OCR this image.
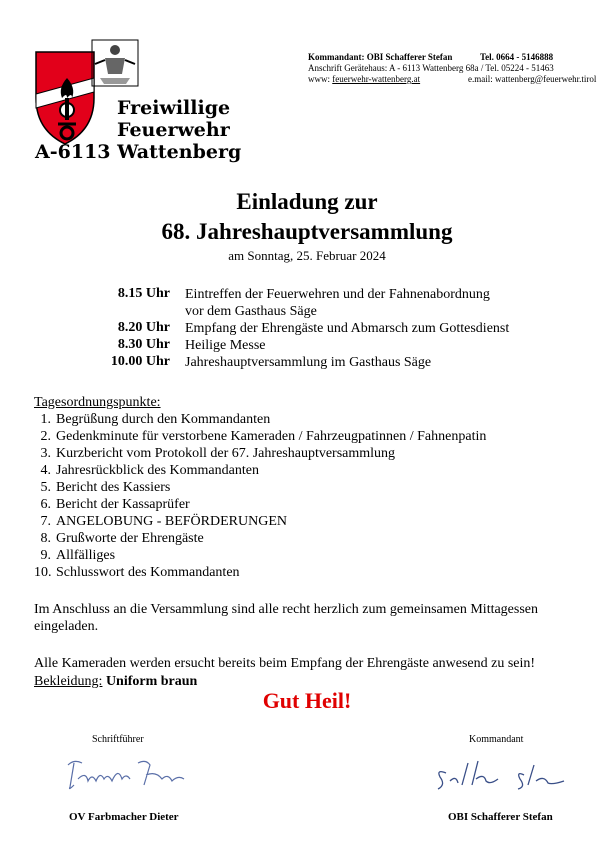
Freiwillige
Feuerwehr
A-6113 Wattenberg
Kommandant: OBI Schafferer Stefan	Tel. 0664 - 5146888
Anschrift Gerätehaus: A - 6113 Wattenberg 68a / Tel. 05224 - 51463
www: feuerwehr-wattenberg.at	e.mail: wattenberg@feuerwehr.tirol
Einladung zur
68. Jahreshauptversammlung
am Sonntag, 25. Februar 2024
8.15 Uhr Eintreffen der Feuerwehren und der Fahnenabordnung
vor dem Gasthaus Säge
8.20 Uhr Empfang der Ehrengäste und Abmarsch zum Gottesdienst
8.30 Uhr Heilige Messe
10.00 Uhr Jahreshauptversammlung im Gasthaus Säge
Tagesordnungspunkte:
1. Begrüßung durch den Kommandanten
2. Gedenkminute für verstorbene Kameraden / Fahrzeugpatinnen / Fahnenpatin
3. Kurzbericht vom Protokoll der 67. Jahreshauptversammlung
4. Jahresrückblick des Kommandanten
5. Bericht des Kassiers
6. Bericht der Kassaprüfer
7. ANGELOBUNG - BEFÖRDERUNGEN
8. Grußworte der Ehrengäste
9. Allfälliges
10. Schlusswort des Kommandanten
Im Anschluss an die Versammlung sind alle recht herzlich zum gemeinsamen Mittagessen
eingeladen.
Alle Kameraden werden ersucht bereits beim Empfang der Ehrengäste anwesend zu sein!
Bekleidung: Uniform braun
Gut Heil!
Schriftführer	Kommandant
OV Farbmacher Dieter	OBI Schafferer Stefan
